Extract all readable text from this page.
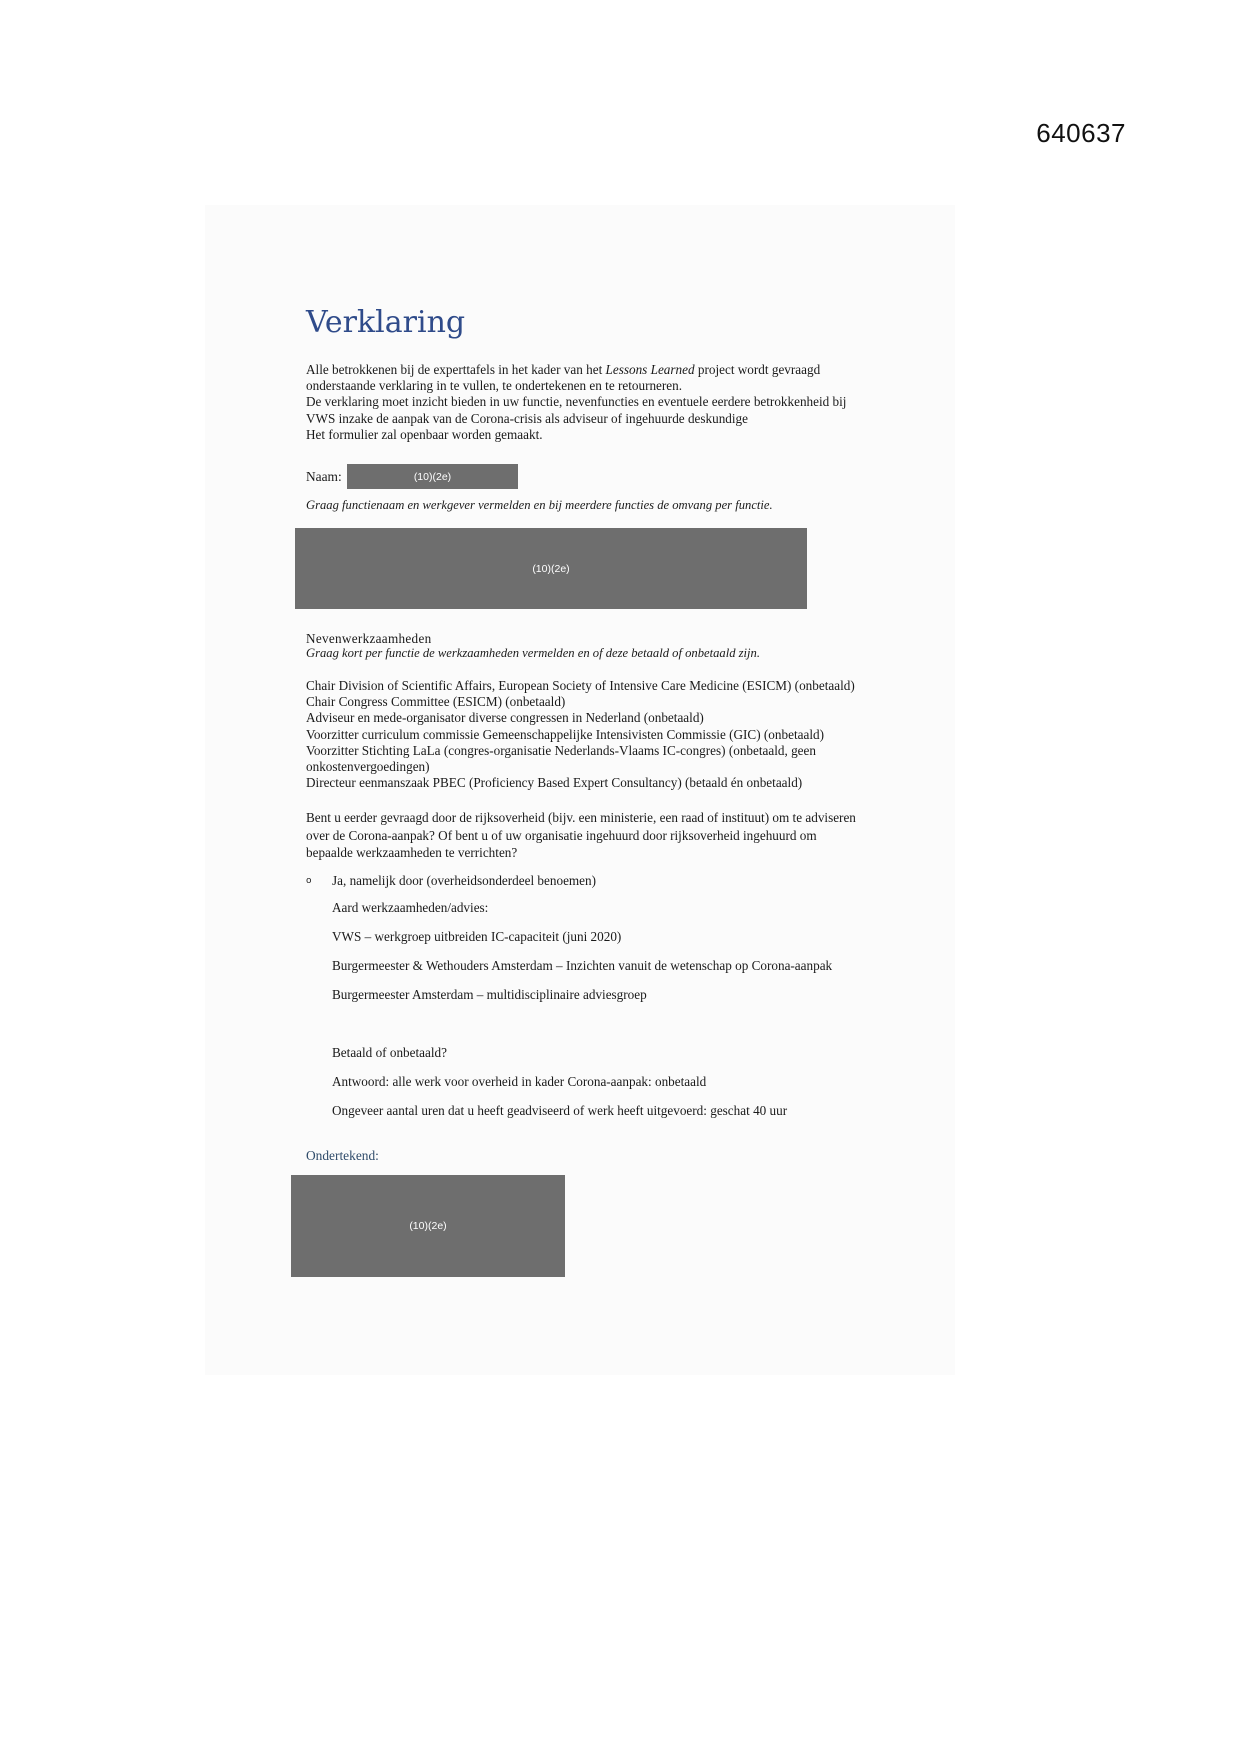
640637
Verklaring
Alle betrokkenen bij de experttafels in het kader van het Lessons Learned project wordt gevraagd
onderstaande verklaring in te vullen, te ondertekenen en te retourneren.
De verklaring moet inzicht bieden in uw functie, nevenfuncties en eventuele eerdere betrokkenheid bij
VWS inzake de aanpak van de Corona-crisis als adviseur of ingehuurde deskundige
Het formulier zal openbaar worden gemaakt.
Naam:	(10)(2e)
Graag functienaam en werkgever vermelden en bij meerdere functies de omvang per functie.
(10)(2e)
Nevenwerkzaamheden
Graag kort per functie de werkzaamheden vermelden en of deze betaald of onbetaald zijn.
Chair Division of Scientific Affairs, European Society of Intensive Care Medicine (ESICM) (onbetaald)
Chair Congress Committee (ESICM) (onbetaald)
Adviseur en mede-organisator diverse congressen in Nederland (onbetaald)
Voorzitter curriculum commissie Gemeenschappelijke Intensivisten Commissie (GIC) (onbetaald)
Voorzitter Stichting LaLa (congres-organisatie Nederlands-Vlaams IC-congres) (onbetaald, geen
onkostenvergoedingen)
Directeur eenmanszaak PBEC (Proficiency Based Expert Consultancy) (betaald én onbetaald)
Bent u eerder gevraagd door de rijksoverheid (bijv. een ministerie, een raad of instituut) om te adviseren
over de Corona-aanpak? Of bent u of uw organisatie ingehuurd door rijksoverheid ingehuurd om
bepaalde werkzaamheden te verrichten?
o	Ja, namelijk door (overheidsonderdeel benoemen)
Aard werkzaamheden/advies:
VWS – werkgroep uitbreiden IC-capaciteit (juni 2020)
Burgermeester & Wethouders Amsterdam – Inzichten vanuit de wetenschap op Corona-aanpak
Burgermeester Amsterdam – multidisciplinaire adviesgroep
Betaald of onbetaald?
Antwoord: alle werk voor overheid in kader Corona-aanpak: onbetaald
Ongeveer aantal uren dat u heeft geadviseerd of werk heeft uitgevoerd: geschat 40 uur
Ondertekend:
(10)(2e)
